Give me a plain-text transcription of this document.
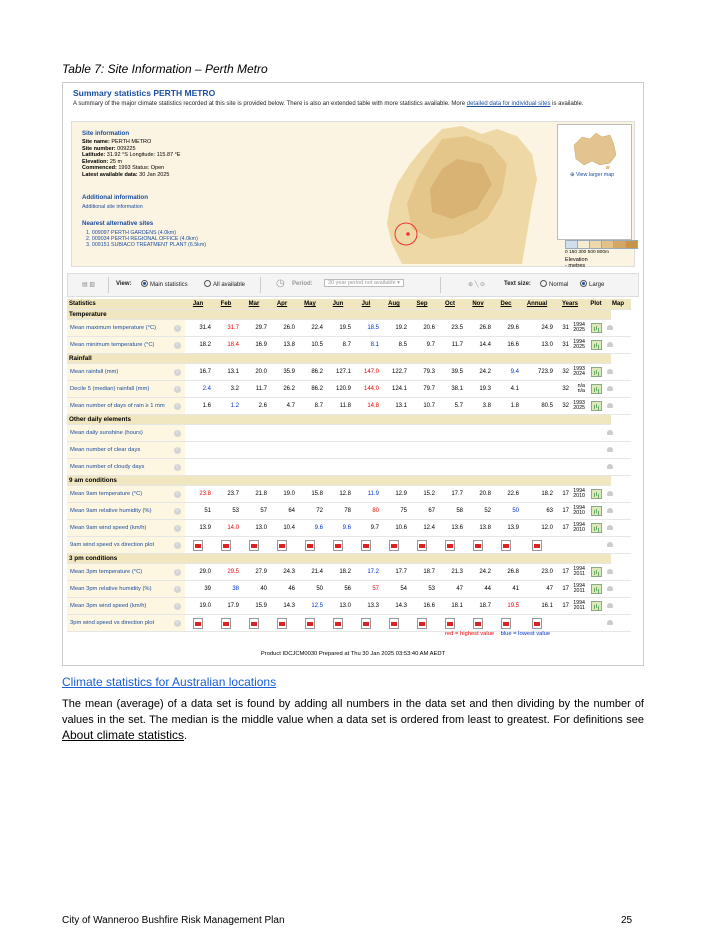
Table 7: Site Information – Perth Metro
Summary statistics PERTH METRO
A summary of the major climate statistics recorded at this site is provided below. There is also an extended table with more statistics available. More detailed data for individual sites is available.
Site information
Site name: PERTH METRO
Site number: 009225
Latitude: 31.92 °S Longitude: 115.87 °E
Elevation: 25 m
Commenced: 1993 Status: Open
Latest available data: 30 Jan 2025
Additional information
Additional site information
Nearest alternative sites
1. 009097 PERTH GARDENS (4.0km)
2. 009034 PERTH REGIONAL OFFICE (4.0km)
3. 009151 SUBIACO TREATMENT PLANT (6.5km)
⊕ View larger map
0 150 300 500 800m
Elevation - metres
▤ ▥	View:	Main statistics	All available	◷ Period:	30 year period not available ▾	⊕ ╲ ⊖	Text size:	Normal	Large
Statistics		Jan	Feb	Mar	Apr	May	Jun	Jul	Aug	Sep	Oct	Nov	Dec	Annual	Years		Plot	Map	
Temperature																			
Mean maximum temperature (°C)	i	31.4	31.7	29.7	26.0	22.4	19.5	18.5	19.2	20.6	23.5	26.8	29.6	24.9	31	1994
2025			

Mean minimum temperature (°C)	i	18.2	18.4	16.9	13.8	10.5	8.7	8.1	8.5	9.7	11.7	14.4	16.6	13.0	31	1994
2025			

Rainfall																			
Mean rainfall (mm)	i	16.7	13.1	20.0	35.9	86.2	127.1	147.0	122.7	79.3	39.5	24.2	9.4	723.9	32	1993
2024			

Decile 5 (median) rainfall (mm)	i	2.4	3.2	11.7	26.2	86.2	120.9	144.0	124.1	79.7	38.1	19.3	4.1		32	n/a
n/a			

Mean number of days of rain ≥ 1 mm	i	1.6	1.2	2.6	4.7	8.7	11.8	14.8	13.1	10.7	5.7	3.8	1.8	80.5	32	1993
2025			

Other daily elements																			
Mean daily sunshine (hours)	i																		
Mean number of clear days	i																		
Mean number of cloudy days	i																		
9 am conditions																			
Mean 9am temperature (°C)	i	23.8	23.7	21.8	19.0	15.8	12.8	11.9	12.9	15.2	17.7	20.8	22.6	18.2	17	1994
2010			

Mean 9am relative humidity (%)	i	51	53	57	64	72	78	80	75	67	58	52	50	63	17	1994
2010			

Mean 9am wind speed (km/h)	i	13.9	14.0	13.0	10.4	9.6	9.6	9.7	10.6	12.4	13.6	13.8	13.9	12.0	17	1994
2010			

9am wind speed vs direction plot	i																		
3 pm conditions																			
Mean 3pm temperature (°C)	i	29.0	29.5	27.9	24.3	21.4	18.2	17.2	17.7	18.7	21.3	24.2	26.8	23.0	17	1994
2011			

Mean 3pm relative humidity (%)	i	39	38	40	46	50	56	57	54	53	47	44	41	47	17	1994
2011			

Mean 3pm wind speed (km/h)	i	19.0	17.9	15.9	14.3	12.5	13.0	13.3	14.3	16.6	18.1	18.7	19.5	16.1	17	1994
2011			

3pm wind speed vs direction plot	i																		
red = highest value blue = lowest value
Product IDCJCM0030 Prepared at Thu 30 Jan 2025 03:53:40 AM AEDT
Climate statistics for Australian locations
The mean (average) of a data set is found by adding all numbers in the data set and then dividing by the number of values in the set. The median is the middle value when a data set is ordered from least to greatest. For definitions see About climate statistics.
City of Wanneroo Bushfire Risk Management Plan	25
